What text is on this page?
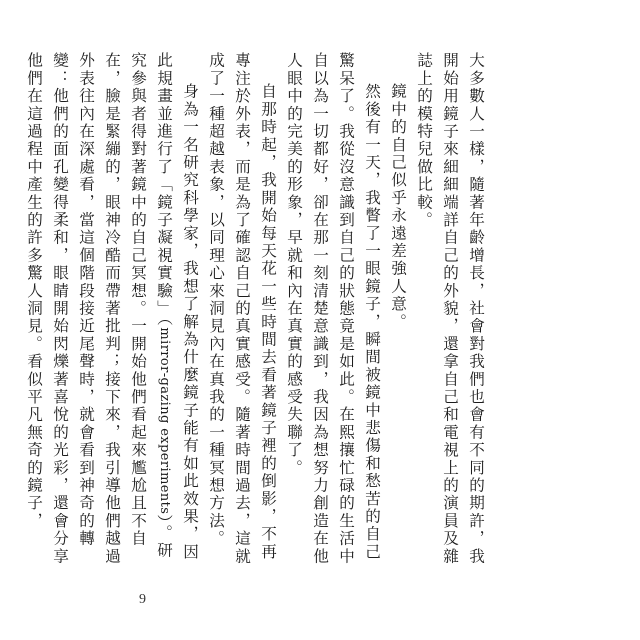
大多數人一樣，隨著年齡增長，社會對我們也會有不同的期許，我開始用鏡子來細細端詳自己的外貌，還拿自己和電視上的演員及雜誌上的模特兒做比較。

鏡中的自己似乎永遠差強人意。

然後有一天，我瞥了一眼鏡子，瞬間被鏡中悲傷和愁苦的自己驚呆了。我從沒意識到自己的狀態竟是如此。在熙攘忙碌的生活中自以為一切都好，卻在那一刻清楚意識到，我因為想努力創造在他人眼中的完美的形象，早就和內在真實的感受失聯了。

自那時起，我開始每天花一些時間去看著鏡子裡的倒影，不再專注於外表，而是為了確認自己的真實感受。隨著時間過去，這就成了一種超越表象，以同理心來洞見內在真我的一種冥想方法。

身為一名研究科學家，我想了解為什麼鏡子能有如此效果，因此規畫並進行了「鏡子凝視實驗」（mirror-gazing experiments）。研究參與者得對著鏡中的自己冥想。一開始他們看起來尷尬且不自在，臉是緊繃的，眼神冷酷而帶著批判；接下來，我引導他們越過外表往內在深處看，當這個階段接近尾聲時，就會看到神奇的轉變：他們的面孔變得柔和，眼睛開始閃爍著喜悅的光彩，還會分享他們在這過程中產生的許多驚人洞見。看似平凡無奇的鏡子，

9
